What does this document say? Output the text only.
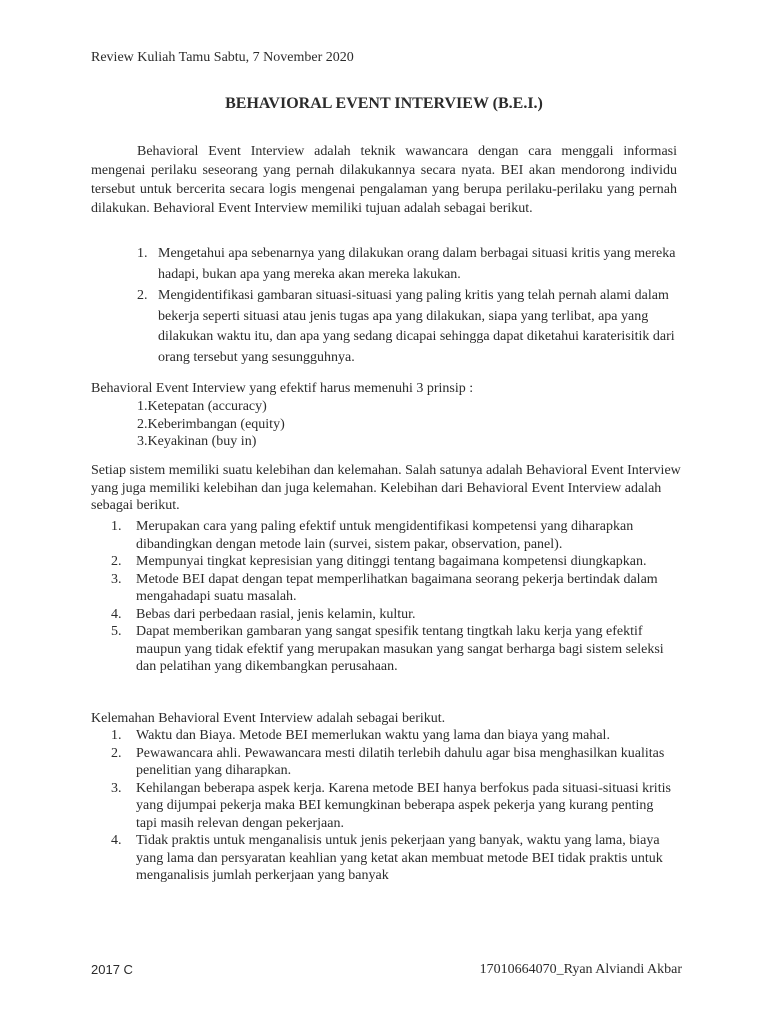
Review Kuliah Tamu Sabtu, 7 November 2020
BEHAVIORAL EVENT INTERVIEW (B.E.I.)

Behavioral Event Interview adalah teknik wawancara dengan cara menggali informasi mengenai perilaku seseorang yang pernah dilakukannya secara nyata. BEI akan mendorong individu tersebut untuk bercerita secara logis mengenai pengalaman yang berupa perilaku-perilaku yang pernah dilakukan. Behavioral Event Interview memiliki tujuan adalah sebagai berikut.

1. Mengetahui apa sebenarnya yang dilakukan orang dalam berbagai situasi kritis yang mereka hadapi, bukan apa yang mereka akan mereka lakukan.
2. Mengidentifikasi gambaran situasi-situasi yang paling kritis yang telah pernah alami dalam bekerja seperti situasi atau jenis tugas apa yang dilakukan, siapa yang terlibat, apa yang dilakukan waktu itu, dan apa yang sedang dicapai sehingga dapat diketahui karaterisitik dari orang tersebut yang sesungguhnya.

Behavioral Event Interview yang efektif harus memenuhi 3 prinsip :

1.Ketepatan (accuracy)
2.Keberimbangan (equity)
3.Keyakinan (buy in)

Setiap sistem memiliki suatu kelebihan dan kelemahan. Salah satunya adalah Behavioral Event Interview yang juga memiliki kelebihan dan juga kelemahan. Kelebihan dari Behavioral Event Interview adalah sebagai berikut.

1. Merupakan cara yang paling efektif untuk mengidentifikasi kompetensi yang diharapkan dibandingkan dengan metode lain (survei, sistem pakar, observation, panel).
2. Mempunyai tingkat kepresisian yang ditinggi tentang bagaimana kompetensi diungkapkan.
3. Metode BEI dapat dengan tepat memperlihatkan bagaimana seorang pekerja bertindak dalam mengahadapi suatu masalah.
4. Bebas dari perbedaan rasial, jenis kelamin, kultur.
5. Dapat memberikan gambaran yang sangat spesifik tentang tingtkah laku kerja yang efektif maupun yang tidak efektif yang merupakan masukan yang sangat berharga bagi sistem seleksi dan pelatihan yang dikembangkan perusahaan.

Kelemahan Behavioral Event Interview adalah sebagai berikut.

1. Waktu dan Biaya. Metode BEI memerlukan waktu yang lama dan biaya yang mahal.
2. Pewawancara ahli. Pewawancara mesti dilatih terlebih dahulu agar bisa menghasilkan kualitas penelitian yang diharapkan.
3. Kehilangan beberapa aspek kerja. Karena metode BEI hanya berfokus pada situasi-situasi kritis yang dijumpai pekerja maka BEI kemungkinan beberapa aspek pekerja yang kurang penting tapi masih relevan dengan pekerjaan.
4. Tidak praktis untuk menganalisis untuk jenis pekerjaan yang banyak, waktu yang lama, biaya yang lama dan persyaratan keahlian yang ketat akan membuat metode BEI tidak praktis untuk menganalisis jumlah perkerjaan yang banyak
2017 C	17010664070_Ryan Alviandi Akbar
